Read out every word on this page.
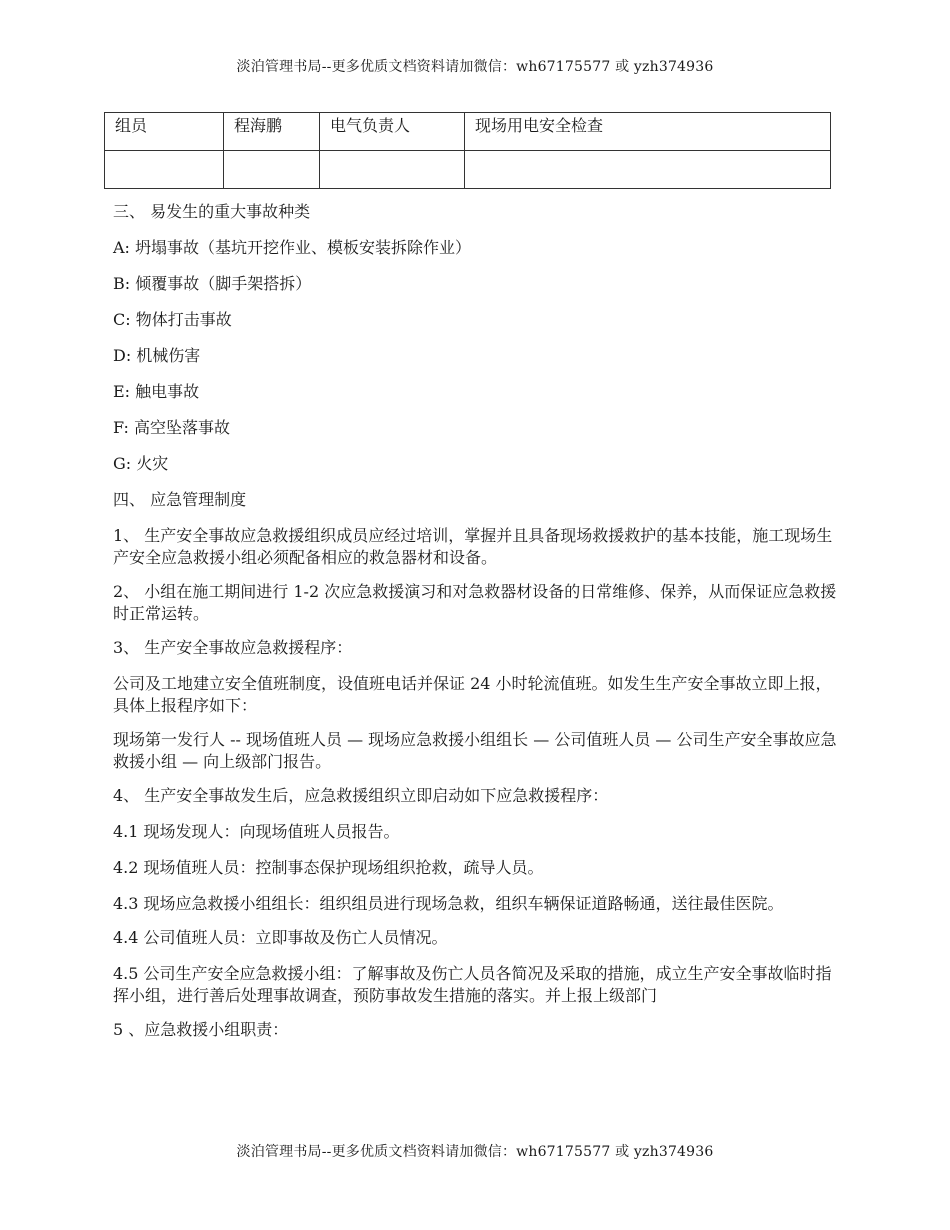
淡泊管理书局--更多优质文档资料请加微信：wh67175577 或 yzh374936
组员	程海鹏	电气负责人	现场用电安全检查

三、 易发生的重大事故种类

A: 坍塌事故（基坑开挖作业、模板安装拆除作业）

B: 倾覆事故（脚手架搭拆）

C: 物体打击事故

D: 机械伤害

E: 触电事故

F: 高空坠落事故

G: 火灾

四、 应急管理制度

1、 生产安全事故应急救援组织成员应经过培训，掌握并且具备现场救援救护的基本技能，施工现场生产安全应急救援小组必须配备相应的救急器材和设备。

2、 小组在施工期间进行 1-2 次应急救援演习和对急救器材设备的日常维修、保养，从而保证应急救援时正常运转。

3、 生产安全事故应急救援程序：

公司及工地建立安全值班制度，设值班电话并保证 24 小时轮流值班。如发生生产安全事故立即上报，具体上报程序如下：

现场第一发行人 -- 现场值班人员 — 现场应急救援小组组长 — 公司值班人员 — 公司生产安全事故应急救援小组 — 向上级部门报告。

4、 生产安全事故发生后，应急救援组织立即启动如下应急救援程序：

4.1 现场发现人：向现场值班人员报告。

4.2 现场值班人员：控制事态保护现场组织抢救，疏导人员。

4.3 现场应急救援小组组长：组织组员进行现场急救，组织车辆保证道路畅通，送往最佳医院。

4.4 公司值班人员：立即事故及伤亡人员情况。

4.5 公司生产安全应急救援小组：了解事故及伤亡人员各简况及采取的措施，成立生产安全事故临时指挥小组，进行善后处理事故调查，预防事故发生措施的落实。并上报上级部门

5 、应急救援小组职责：

淡泊管理书局--更多优质文档资料请加微信：wh67175577 或 yzh374936
